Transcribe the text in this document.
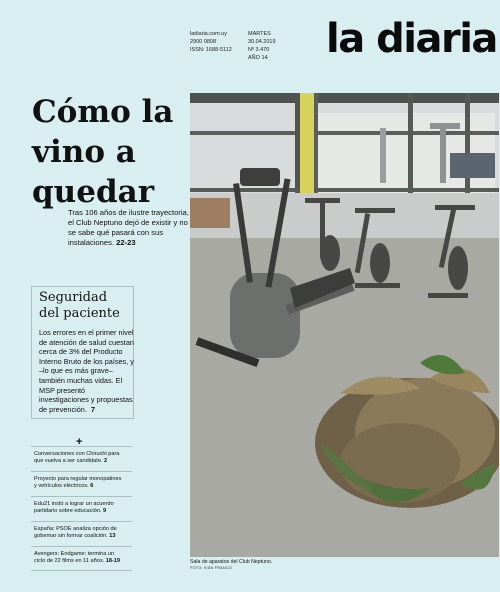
ladiaria.com.uy
2900 0808
ISSN: 1688-5112
MARTES
30.04.2019
Nº 3.470
AÑO 14 la diaria
Cómo la vino a quedar

Tras 106 años de ilustre trayectoria, el Club Neptuno dejó de existir y no se sabe qué pasará con sus instalaciones. 22-23

Seguridad del paciente

Los errores en el primer nivel de atención de salud cuestan cerca de 3% del Producto Interno Bruto de los países, y –lo que es más grave– también muchas vidas. El MSP presentó investigaciones y propuestas de prevención. 7

+
Conversaciones con Chiruchi para que vuelva a ser candidato. 2
Proyecto para regular monopatines y vehículos eléctricos. 6
Edu21 instó a lograr un acuerdo partidario sobre educación. 9
España: PSOE analiza opción de gobernar sin formar coalición. 13
Avengers: Endgame: termina un ciclo de 22 films en 11 años. 18-19	Sala de aparatos del Club Neptuno.
FOTO: IVÁN FRANCO
